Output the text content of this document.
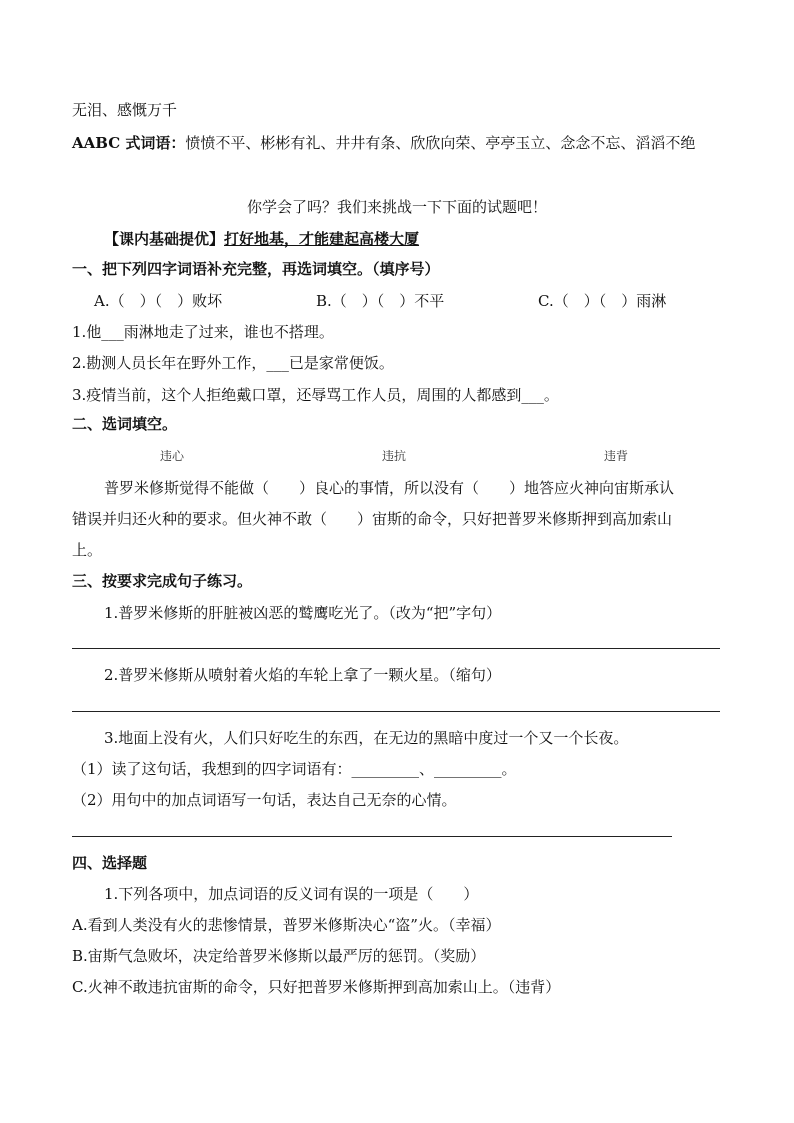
无泪、感慨万千
AABC 式词语：愤愤不平、彬彬有礼、井井有条、欣欣向荣、亭亭玉立、念念不忘、滔滔不绝
你学会了吗？我们来挑战一下下面的试题吧！
【课内基础提优】打好地基，才能建起高楼大厦
一、把下列四字词语补充完整，再选词填空。（填序号）
A.（　）（　）败坏	B.（　）（　）不平	C.（　）（　）雨淋
1.他___雨淋地走了过来，谁也不搭理。
2.勘测人员长年在野外工作，___已是家常便饭。
3.疫情当前，这个人拒绝戴口罩，还辱骂工作人员，周围的人都感到___。
二、选词填空。
违心	违抗	违背
普罗米修斯觉得不能做（　　）良心的事情，所以没有（　　）地答应火神向宙斯承认
错误并归还火种的要求。但火神不敢（　　）宙斯的命令，只好把普罗米修斯押到高加索山
上。
三、按要求完成句子练习。
1.普罗米修斯的肝脏被凶恶的鹫鹰吃光了。（改为“把”字句）
2.普罗米修斯从喷射着火焰的车轮上拿了一颗火星。（缩句）
3.地面上没有火，人们只好吃生的东西，在无边的黑暗中度过一个又一个长夜。
（1）读了这句话，我想到的四字词语有：_________、_________。
（2）用句中的加点词语写一句话，表达自己无奈的心情。
四、选择题
1.下列各项中，加点词语的反义词有误的一项是（　　）
A.看到人类没有火的悲惨情景，普罗米修斯决心“盗”火。（幸福）
B.宙斯气急败坏，决定给普罗米修斯以最严厉的惩罚。（奖励）
C.火神不敢违抗宙斯的命令，只好把普罗米修斯押到高加索山上。（违背）
